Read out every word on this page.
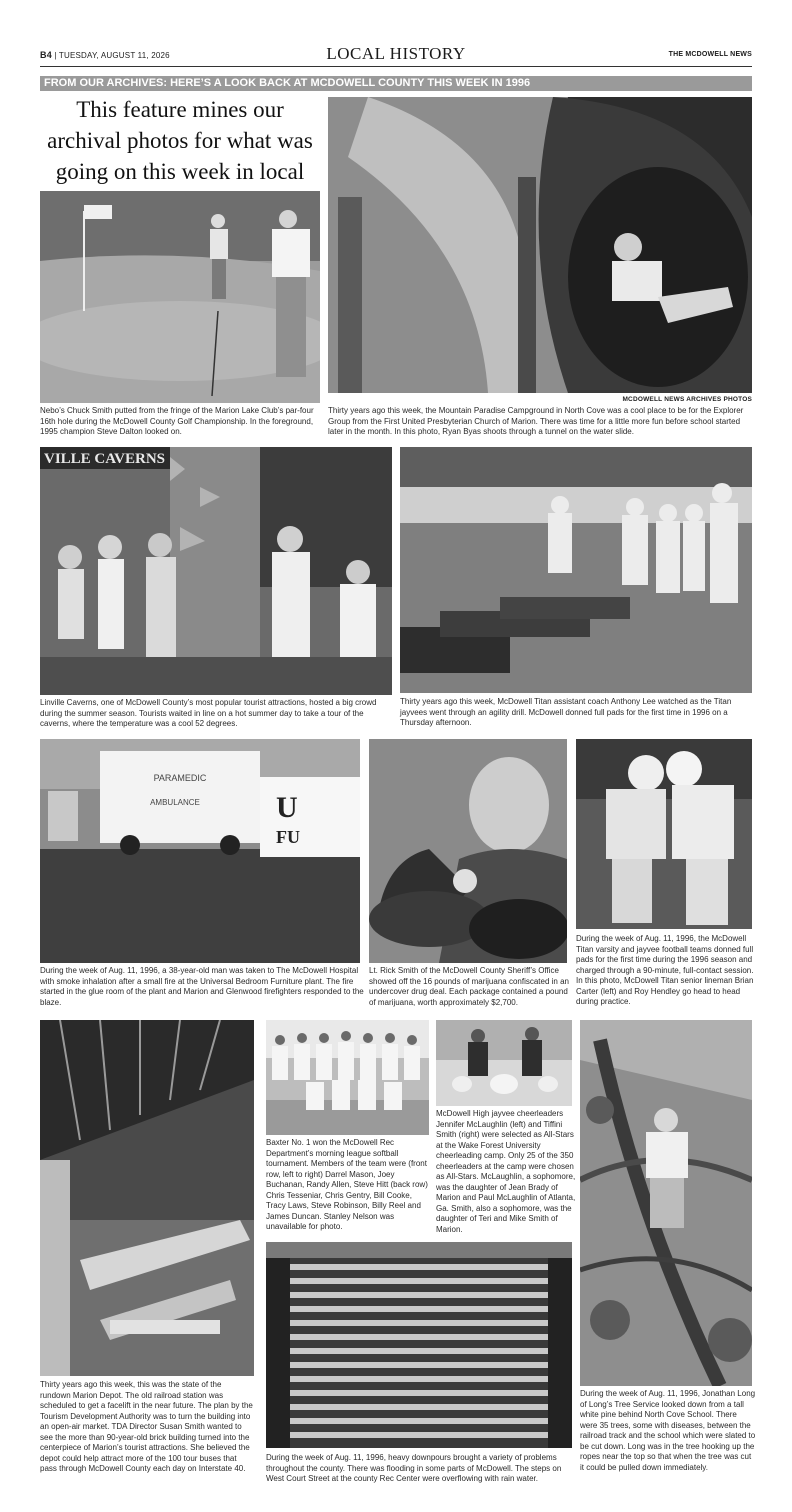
B4 | TUESDAY, AUGUST 11, 2026	LOCAL HISTORY	THE MCDOWELL NEWS
FROM OUR ARCHIVES: HERE’S A LOOK BACK AT MCDOWELL COUNTY THIS WEEK IN 1996
This feature mines our archival photos for what was going on this week in local
MCDOWELL NEWS ARCHIVES PHOTOS
Nebo’s Chuck Smith putted from the fringe of the Marion Lake Club’s par-four 16th hole during the McDowell County Golf Championship. In the foreground, 1995 champion Steve Dalton looked on.
Thirty years ago this week, the Mountain Paradise Campground in North Cove was a cool place to be for the Explorer Group from the First United Presbyterian Church of Marion. There was time for a little more fun before school started later in the month. In this photo, Ryan Byas shoots through a tunnel on the water slide.
VILLE CAVERNS
Linville Caverns, one of McDowell County’s most popular tourist attractions, hosted a big crowd during the summer season. Tourists waited in line on a hot summer day to take a tour of the caverns, where the temperature was a cool 52 degrees.
Thirty years ago this week, McDowell Titan assistant coach Anthony Lee watched as the Titan jayvees went through an agility drill. McDowell donned full pads for the first time in 1996 on a Thursday afternoon.
PARAMEDIC
AMBULANCE	U
FU
During the week of Aug. 11, 1996, the McDowell Titan varsity and jayvee football teams donned full pads for the first time during the 1996 season and charged through a 90-minute, full-contact session. In this photo, McDowell Titan senior lineman Brian Carter (left) and Roy Hendley go head to head during practice.
During the week of Aug. 11, 1996, a 38-year-old man was taken to The McDowell Hospital with smoke inhalation after a small fire at the Universal Bedroom Furniture plant. The fire started in the glue room of the plant and Marion and Glenwood firefighters responded to the blaze.
Lt. Rick Smith of the McDowell County Sheriff’s Office showed off the 16 pounds of marijuana confiscated in an undercover drug deal. Each package contained a pound of marijuana, worth approximately $2,700.
Baxter No. 1 won the McDowell Rec Department’s morning league softball tournament. Members of the team were (front row, left to right) Darrel Mason, Joey Buchanan, Randy Allen, Steve Hitt (back row) Chris Tesseniar, Chris Gentry, Bill Cooke, Tracy Laws, Steve Robinson, Billy Reel and James Duncan. Stanley Nelson was unavailable for photo.
McDowell High jayvee cheerleaders Jennifer McLaughlin (left) and Tiffini Smith (right) were selected as All-Stars at the Wake Forest University cheerleading camp. Only 25 of the 350 cheerleaders at the camp were chosen as All-Stars. McLaughlin, a sophomore, was the daughter of Jean Brady of Marion and Paul McLaughlin of Atlanta, Ga. Smith, also a sophomore, was the daughter of Teri and Mike Smith of Marion.
Thirty years ago this week, this was the state of the rundown Marion Depot. The old railroad station was scheduled to get a facelift in the near future. The plan by the Tourism Development Authority was to turn the building into an open-air market. TDA Director Susan Smith wanted to see the more than 90-year-old brick building turned into the centerpiece of Marion’s tourist attractions. She believed the depot could help attract more of the 100 tour buses that pass through McDowell County each day on Interstate 40.
During the week of Aug. 11, 1996, heavy downpours brought a variety of problems throughout the county. There was flooding in some parts of McDowell. The steps on West Court Street at the county Rec Center were overflowing with rain water.
During the week of Aug. 11, 1996, Jonathan Long of Long’s Tree Service looked down from a tall white pine behind North Cove School. There were 35 trees, some with diseases, between the railroad track and the school which were slated to be cut down. Long was in the tree hooking up the ropes near the top so that when the tree was cut it could be pulled down immediately.
